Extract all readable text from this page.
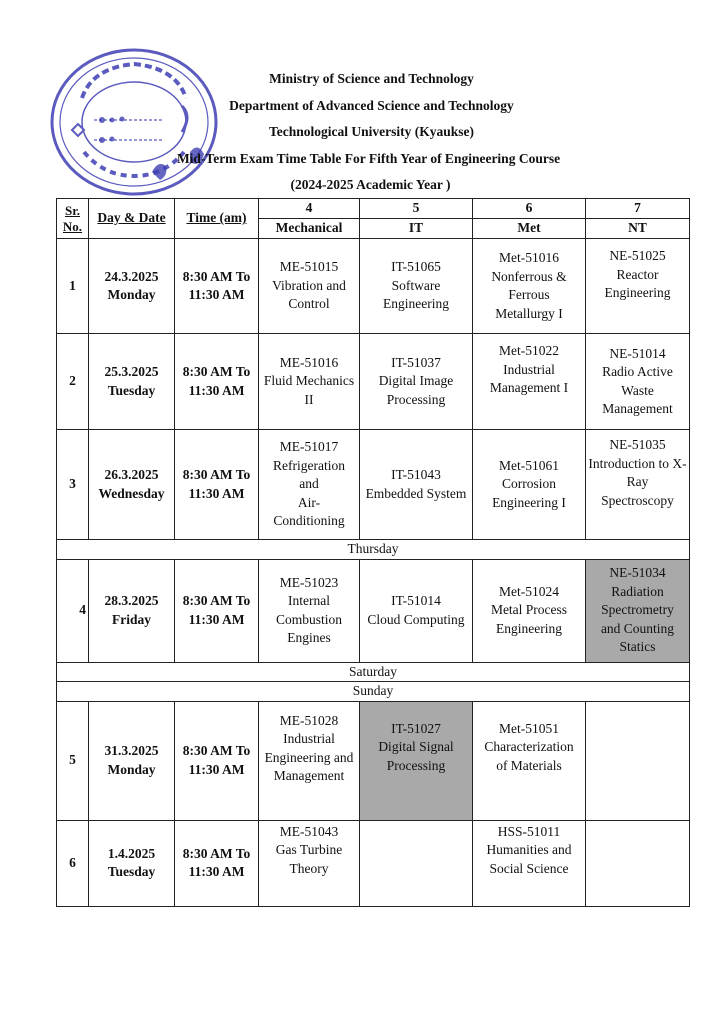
Ministry of Science and Technology
Department of Advanced Science and Technology
Technological University (Kyaukse)
Mid-Term Exam Time Table For Fifth Year of Engineering Course
(2024-2025 Academic Year )
Sr.
No.	Day & Date	Time (am)	4	5	6	7
			Mechanical	IT	Met	NT
1	24.3.2025
Monday	8:30 AM To
11:30 AM	ME-51015
Vibration and
Control	IT-51065
Software
Engineering	Met-51016
Nonferrous &
Ferrous
Metallurgy I	NE-51025
Reactor
Engineering
2	25.3.2025
Tuesday	8:30 AM To
11:30 AM	ME-51016
Fluid Mechanics
II	IT-51037
Digital Image
Processing	Met-51022
Industrial
Management I	NE-51014
Radio Active
Waste
Management
3	26.3.2025
Wednesday	8:30 AM To
11:30 AM	ME-51017
Refrigeration
and
Air-
Conditioning	IT-51043
Embedded System	Met-51061
Corrosion
Engineering I	NE-51035
Introduction to X-
Ray
Spectroscopy
Thursday						
4	28.3.2025
Friday	8:30 AM To
11:30 AM	ME-51023
Internal
Combustion
Engines	IT-51014
Cloud Computing	Met-51024
Metal Process
Engineering	NE-51034
Radiation
Spectrometry
and Counting
Statics
Saturday						
Sunday						
5	31.3.2025
Monday	8:30 AM To
11:30 AM	ME-51028
Industrial
Engineering and
Management	IT-51027
Digital Signal
Processing	Met-51051
Characterization
of Materials	
6	1.4.2025
Tuesday	8:30 AM To
11:30 AM	ME-51043
Gas Turbine
Theory		HSS-51011
Humanities and
Social Science	
